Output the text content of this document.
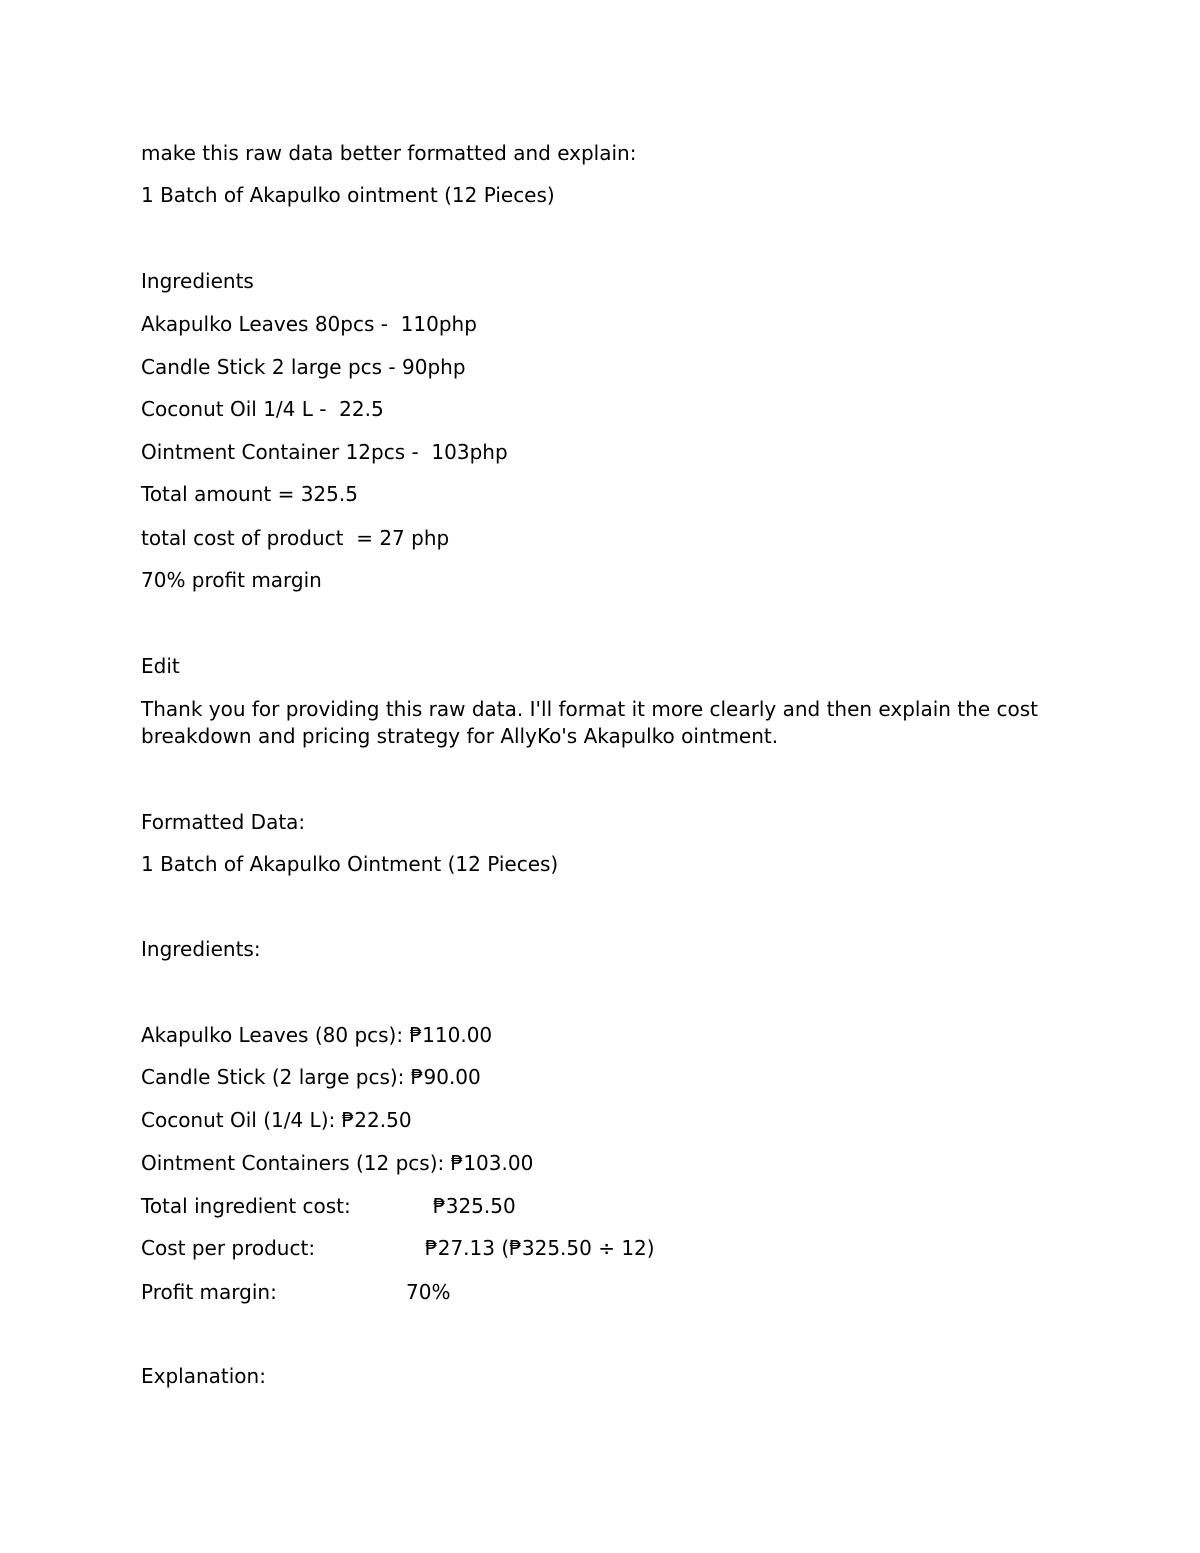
make this raw data better formatted and explain:
1 Batch of Akapulko ointment (12 Pieces)
Ingredients
Akapulko Leaves 80pcs -  110php
Candle Stick 2 large pcs - 90php
Coconut Oil 1/4 L -  22.5
Ointment Container 12pcs -  103php
Total amount = 325.5
total cost of product  = 27 php
70% profit margin
Edit
Thank you for providing this raw data. I'll format it more clearly and then explain the cost breakdown and pricing strategy for AllyKo's Akapulko ointment.
Formatted Data:
1 Batch of Akapulko Ointment (12 Pieces)
Ingredients:
Akapulko Leaves (80 pcs): ₱110.00
Candle Stick (2 large pcs): ₱90.00
Coconut Oil (1/4 L): ₱22.50
Ointment Containers (12 pcs): ₱103.00
Total ingredient cost:	₱325.50
Cost per product:	₱27.13 (₱325.50 ÷ 12)
Profit margin:	70%
Explanation:
